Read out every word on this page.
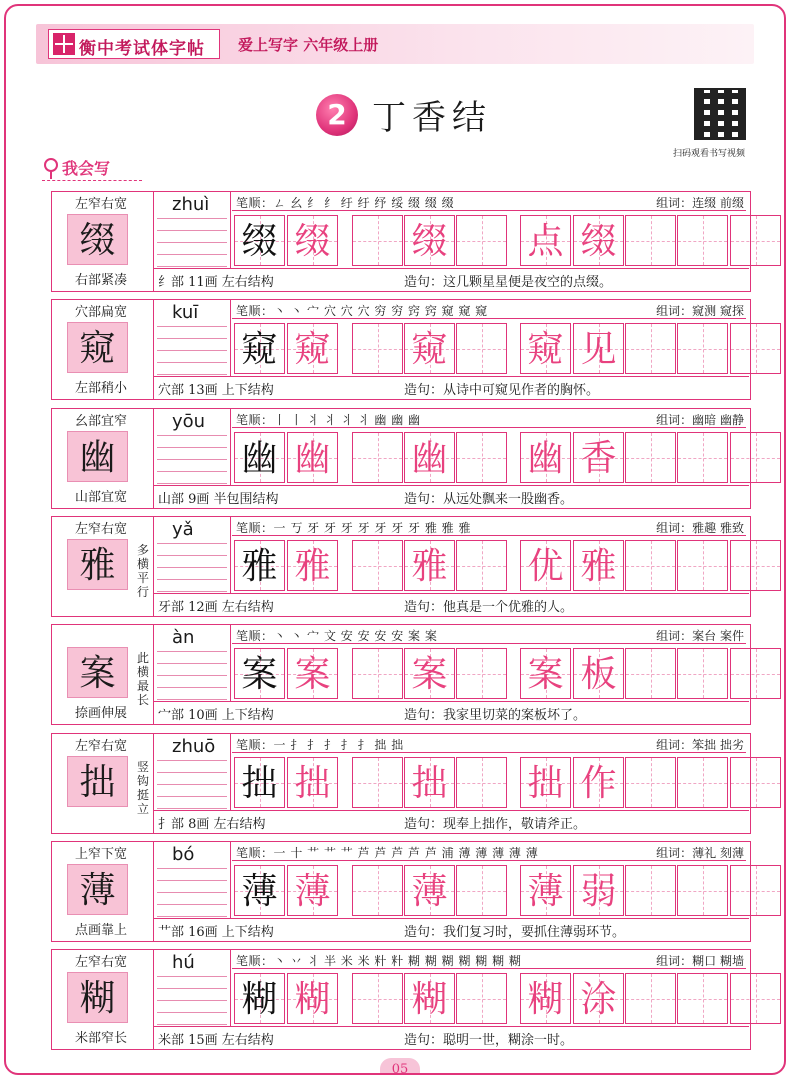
衡中考试体字帖 爱上写字 六年级上册
2 丁香结
扫码观看书写视频
我会写
左窄右宽
缀
右部紧凑
zhuì 笔顺：ㄥ 幺 纟 纟 纡 纡 纾 绥 缀 缀 缀	组词：连缀 前缀
缀 缀 缀 点 缀
纟部 11画 左右结构	造句：这几颗星星便是夜空的点缀。
穴部扁宽
窥
左部稍小
kuī	笔顺：丶 丶 宀 穴 穴 穴 穷 穷 窍 窍 窥 窥 窥	组词：窥测 窥探
窥 窥 窥 窥 见
穴部 13画 上下结构	造句：从诗中可窥见作者的胸怀。
幺部宜窄
幽
山部宜宽
yōu	笔顺：丨 丨 丬 丬 丬 丬 幽 幽 幽	组词：幽暗 幽静
幽 幽 幽 幽 香
山部 9画 半包围结构	造句：从远处飘来一股幽香。
左窄右宽
雅	多横平行
yǎ	笔顺：一 丂 牙 牙 牙 牙 牙 牙 牙 雅 雅 雅	组词：雅趣 雅致
雅 雅 雅 优 雅
牙部 12画 左右结构	造句：他真是一个优雅的人。
案
捺画伸展
此横最长
àn	笔顺：丶 丶 宀 文 安 安 安 安 案 案	组词：案台 案件
案 案 案 案 板
宀部 10画 上下结构	造句：我家里切菜的案板坏了。
左窄右宽
拙	竖钩挺立
zhuō 笔顺：一 扌 扌 扌 扌 扌 拙 拙	组词：笨拙 拙劣
拙 拙 拙 拙 作
扌部 8画 左右结构	造句：现奉上拙作，敬请斧正。
上窄下宽
薄
点画靠上
bó	笔顺：一 十 艹 艹 艹 芦 芦 芦 芦 芦 浦 薄 薄 薄 薄 薄	组词：薄礼 刻薄
薄 薄 薄 薄 弱
艹部 16画 上下结构	造句：我们复习时，要抓住薄弱环节。
左窄右宽
糊
米部窄长
hú	笔顺：丶 丷 丬 半 米 米 籵 籵 糊 糊 糊 糊 糊 糊 糊	组词：糊口 糊墙
糊 糊 糊 糊 涂
米部 15画 左右结构	造句：聪明一世，糊涂一时。
05
